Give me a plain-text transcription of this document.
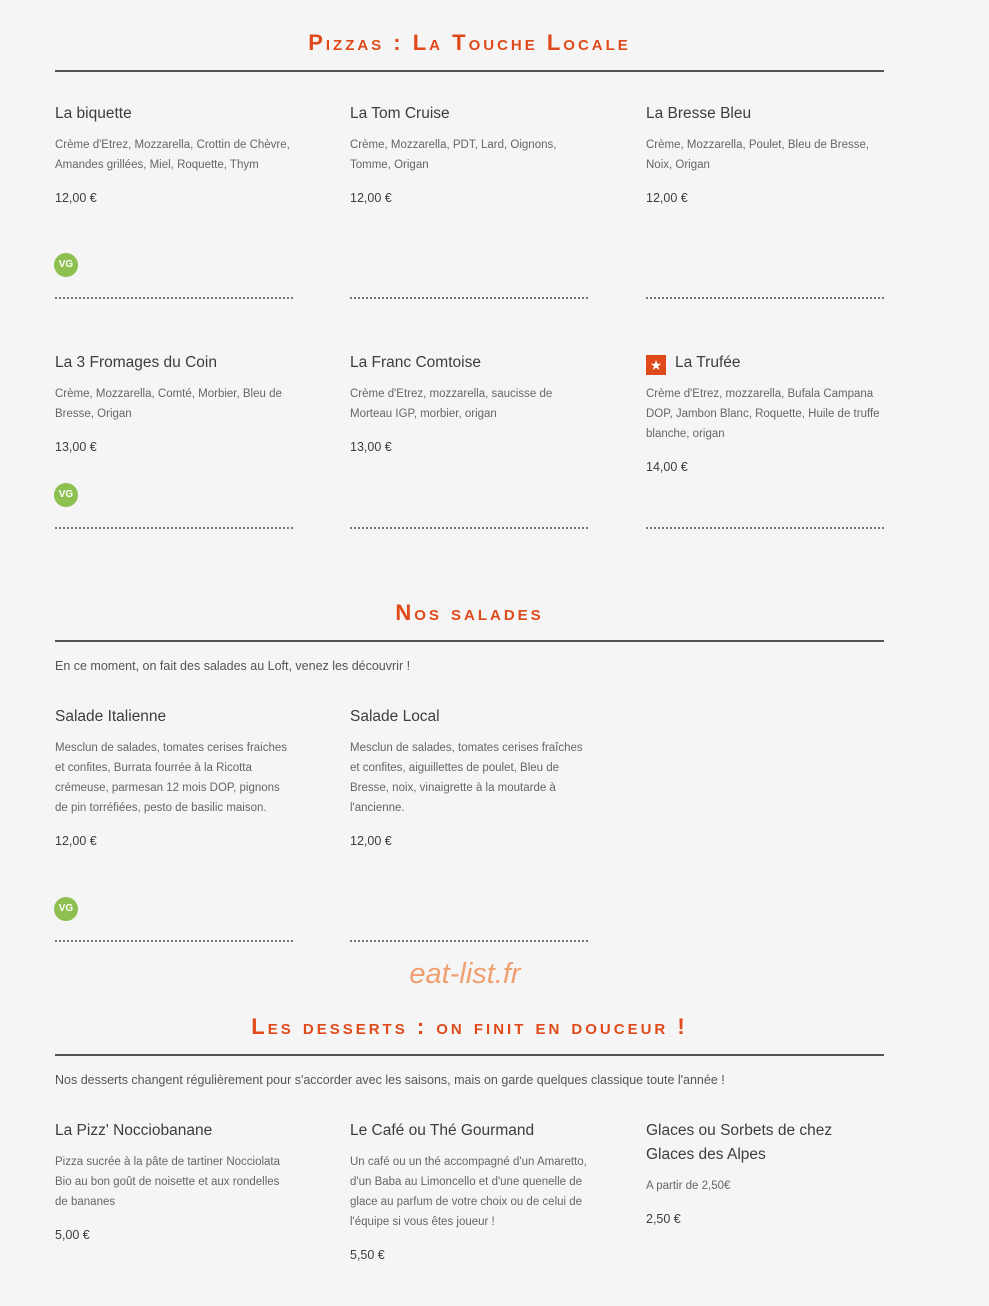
Pizzas : La Touche Locale

La biquette

Crème d'Etrez, Mozzarella, Crottin de Chèvre, Amandes grillées, Miel, Roquette, Thym

12,00 €

VG

La Tom Cruise

Crème, Mozzarella, PDT, Lard, Oignons, Tomme, Origan

12,00 €

La Bresse Bleu

Crème, Mozzarella, Poulet, Bleu de Bresse, Noix, Origan

12,00 €

La 3 Fromages du Coin

Crème, Mozzarella, Comté, Morbier, Bleu de Bresse, Origan

13,00 €

VG

La Franc Comtoise

Crème d'Etrez, mozzarella, saucisse de Morteau IGP, morbier, origan

13,00 €

★ La Trufée

Crème d'Etrez, mozzarella, Bufala Campana DOP, Jambon Blanc, Roquette, Huile de truffe blanche, origan

14,00 €

Nos salades

En ce moment, on fait des salades au Loft, venez les découvrir !

Salade Italienne

Mesclun de salades, tomates cerises fraiches et confites, Burrata fourrée à la Ricotta crémeuse, parmesan 12 mois DOP, pignons de pin torréfiées, pesto de basilic maison.

12,00 €

VG

Salade Local

Mesclun de salades, tomates cerises fraîches et confites, aiguillettes de poulet, Bleu de Bresse, noix, vinaigrette à la moutarde à l'ancienne.

12,00 €

eat-list.fr

Les desserts : on finit en douceur !

Nos desserts changent régulièrement pour s'accorder avec les saisons, mais on garde quelques classique toute l'année !

La Pizz' Nocciobanane

Pizza sucrée à la pâte de tartiner Nocciolata Bio au bon goût de noisette et aux rondelles de bananes

5,00 €

Le Café ou Thé Gourmand

Un café ou un thé accompagné d'un Amaretto, d'un Baba au Limoncello et d'une quenelle de glace au parfum de votre choix ou de celui de l'équipe si vous êtes joueur !

5,50 €

Glaces ou Sorbets de chez Glaces des Alpes

A partir de 2,50€

2,50 €
